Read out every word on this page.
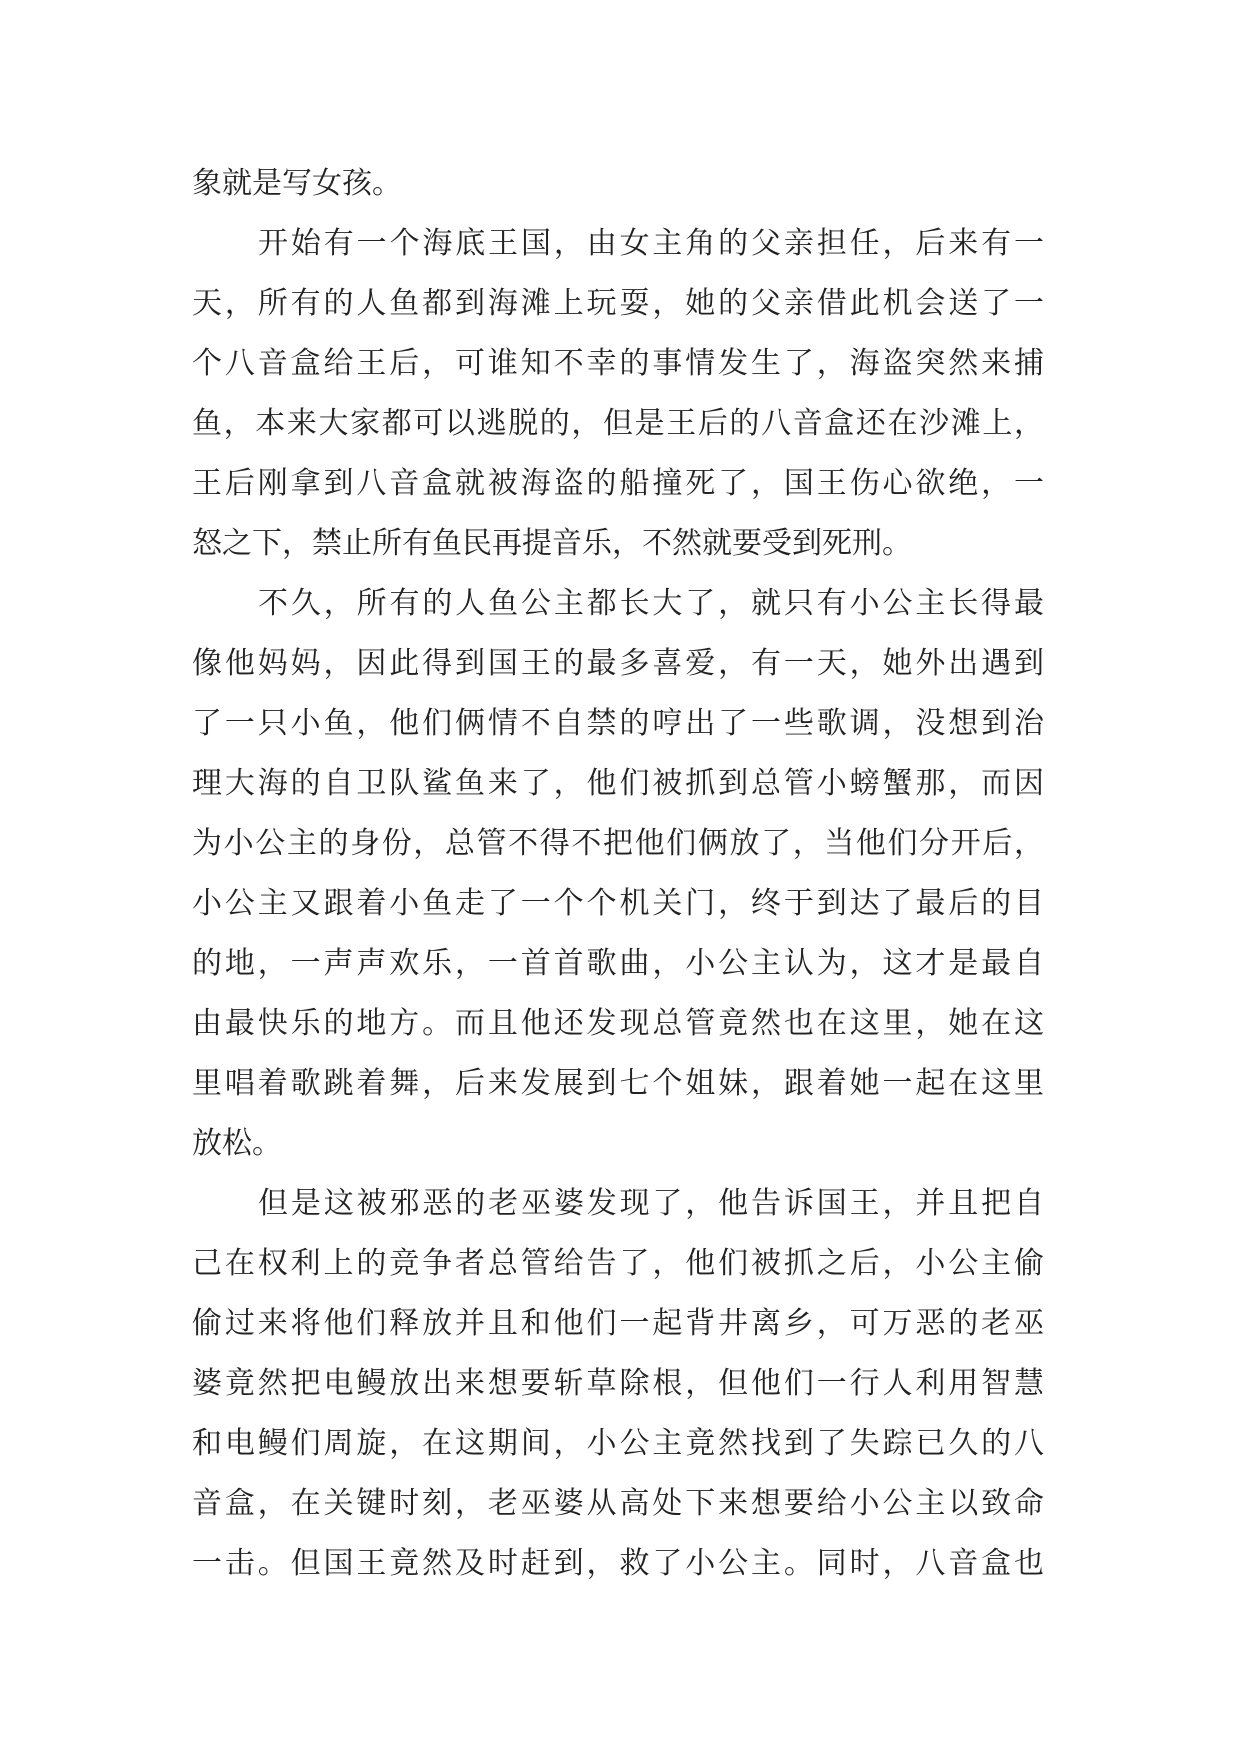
象就是写女孩。
开始有一个海底王国，由女主角的父亲担任，后来有一
天，所有的人鱼都到海滩上玩耍，她的父亲借此机会送了一
个八音盒给王后，可谁知不幸的事情发生了，海盗突然来捕
鱼，本来大家都可以逃脱的，但是王后的八音盒还在沙滩上，
王后刚拿到八音盒就被海盗的船撞死了，国王伤心欲绝，一
怒之下，禁止所有鱼民再提音乐，不然就要受到死刑。
不久，所有的人鱼公主都长大了，就只有小公主长得最
像他妈妈，因此得到国王的最多喜爱，有一天，她外出遇到
了一只小鱼，他们俩情不自禁的哼出了一些歌调，没想到治
理大海的自卫队鲨鱼来了，他们被抓到总管小螃蟹那，而因
为小公主的身份，总管不得不把他们俩放了，当他们分开后，
小公主又跟着小鱼走了一个个机关门，终于到达了最后的目
的地，一声声欢乐，一首首歌曲，小公主认为，这才是最自
由最快乐的地方。而且他还发现总管竟然也在这里，她在这
里唱着歌跳着舞，后来发展到七个姐妹，跟着她一起在这里
放松。
但是这被邪恶的老巫婆发现了，他告诉国王，并且把自
己在权利上的竞争者总管给告了，他们被抓之后，小公主偷
偷过来将他们释放并且和他们一起背井离乡，可万恶的老巫
婆竟然把电鳗放出来想要斩草除根，但他们一行人利用智慧
和电鳗们周旋，在这期间，小公主竟然找到了失踪已久的八
音盒，在关键时刻，老巫婆从高处下来想要给小公主以致命
一击。但国王竟然及时赶到，救了小公主。同时，八音盒也
